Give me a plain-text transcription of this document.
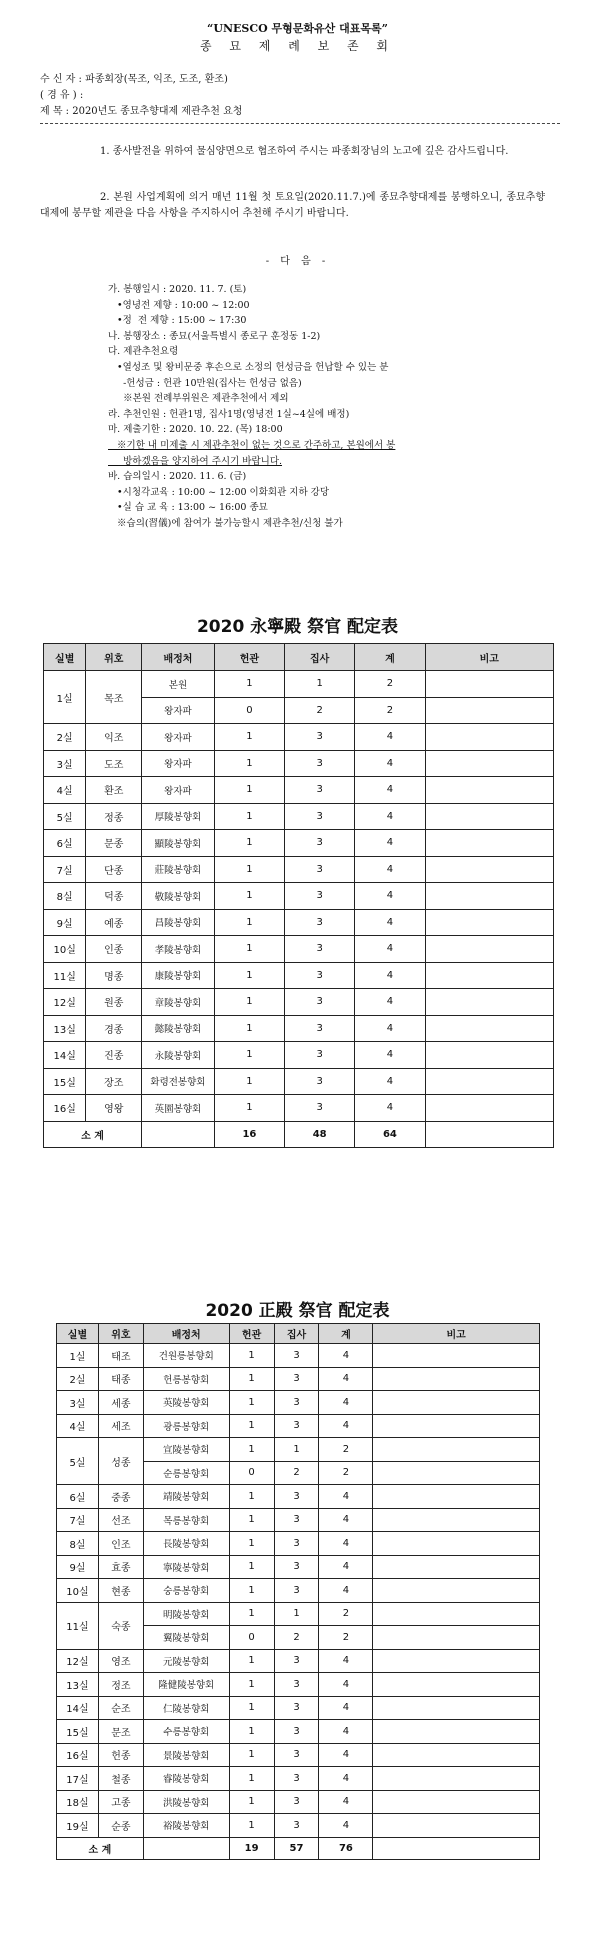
“UNESCO 무형문화유산 대표목록”
종 묘 제 례 보 존 회
수 신 자 : 파종회장(목조, 익조, 도조, 환조)
( 경 유 ) :
제 목 : 2020년도 종묘추향대제 제관추천 요청
1. 종사발전을 위하여 물심양면으로 협조하여 주시는 파종회장님의 노고에 깊은 감사드립니다.
2. 본원 사업계획에 의거 매년 11월 첫 토요일(2020.11.7.)에 종묘추향대제를 봉행하오니, 종묘추향대제에 봉무할 제관을 다음 사항을 주지하시어 추천해 주시기 바랍니다.
- 다 음 -
가. 봉행일시 : 2020. 11. 7. (토)
•영녕전 제향 : 10:00 ~ 12:00
•정  전 제향 : 15:00 ~ 17:30
나. 봉행장소 : 종묘(서울특별시 종로구 훈정동 1-2)
다. 제관추천요령
•열성조 및 왕비문중 후손으로 소정의 헌성금을 헌납할 수 있는 분
-헌성금 : 헌관 10만원(집사는 헌성금 없음)
※본원 전례부위원은 제관추천에서 제외
라. 추천인원 : 헌관1명, 집사1명(영녕전 1실~4실에 배정)
마. 제출기한 : 2020. 10. 22. (목) 18:00
※기한 내 미제출 시 제관추천이 없는 것으로 간주하고, 본원에서 봉
방하겠음을 양지하여 주시기 바랍니다.
바. 습의일시 : 2020. 11. 6. (금)
•시청각교육 : 10:00 ~ 12:00 이화회관 지하 강당
•실 습 교 육 : 13:00 ~ 16:00 종묘
※습의(習儀)에 참여가 불가능할시 제관추천/신청 불가
2020 永寧殿 祭官 配定表
실별	위호	배정처	헌관	집사	계	비고
1실	목조	본원	1	1	2	
		왕자파	0	2	2	
2실	익조	왕자파	1	3	4	
3실	도조	왕자파	1	3	4	
4실	환조	왕자파	1	3	4	
5실	정종	厚陵봉향회	1	3	4	
6실	문종	顯陵봉향회	1	3	4	
7실	단종	莊陵봉향회	1	3	4	
8실	덕종	敬陵봉향회	1	3	4	
9실	예종	昌陵봉향회	1	3	4	
10실	인종	孝陵봉향회	1	3	4	
11실	명종	康陵봉향회	1	3	4	
12실	원종	章陵봉향회	1	3	4	
13실	경종	懿陵봉향회	1	3	4	
14실	진종	永陵봉향회	1	3	4	
15실	장조	화령전봉향회	1	3	4	
16실	영왕	英園봉향회	1	3	4	
소 계			16	48	64	
2020 正殿 祭官 配定表
실별	위호	배정처	헌관	집사	계	비고
1실	태조	건원릉봉향회	1	3	4	
2실	태종	헌릉봉향회	1	3	4	
3실	세종	英陵봉향회	1	3	4	
4실	세조	광릉봉향회	1	3	4	
5실	성종	宣陵봉향회	1	1	2	
		순릉봉향회	0	2	2	
6실	중종	靖陵봉향회	1	3	4	
7실	선조	목릉봉향회	1	3	4	
8실	인조	長陵봉향회	1	3	4	
9실	효종	寧陵봉향회	1	3	4	
10실	현종	숭릉봉향회	1	3	4	
11실	숙종	明陵봉향회	1	1	2	
		翼陵봉향회	0	2	2	
12실	영조	元陵봉향회	1	3	4	
13실	정조	隆健陵봉향회	1	3	4	
14실	순조	仁陵봉향회	1	3	4	
15실	문조	수릉봉향회	1	3	4	
16실	헌종	景陵봉향회	1	3	4	
17실	철종	睿陵봉향회	1	3	4	
18실	고종	洪陵봉향회	1	3	4	
19실	순종	裕陵봉향회	1	3	4	
소 계			19	57	76	
